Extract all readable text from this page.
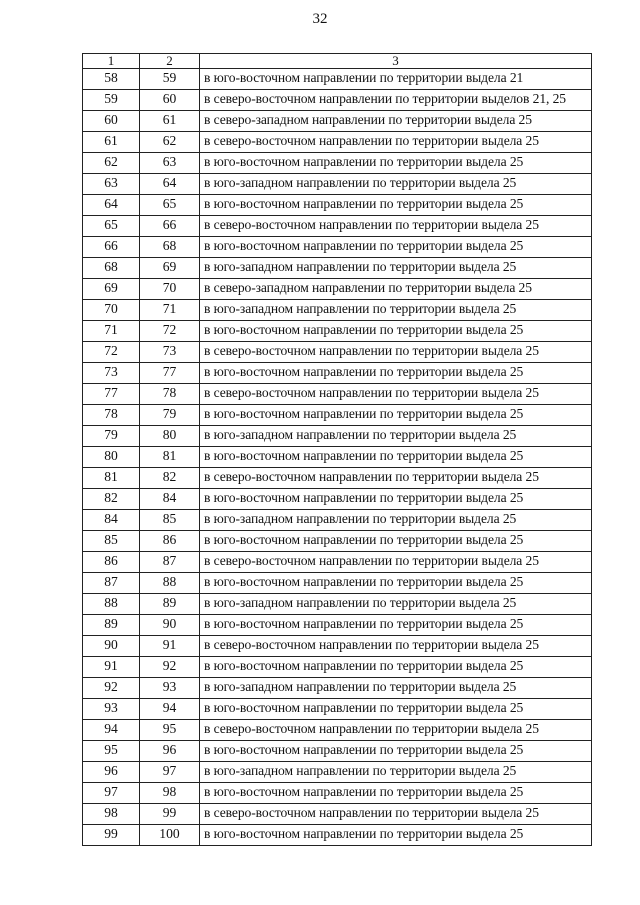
32
1	2	3
58	59	в юго-восточном направлении по территории выдела 21
59	60	в северо-восточном направлении по территории выделов 21, 25
60	61	в северо-западном направлении по территории выдела 25
61	62	в северо-восточном направлении по территории выдела 25
62	63	в юго-восточном направлении по территории выдела 25
63	64	в юго-западном направлении по территории выдела 25
64	65	в юго-восточном направлении по территории выдела 25
65	66	в северо-восточном направлении по территории выдела 25
66	68	в юго-восточном направлении по территории выдела 25
68	69	в юго-западном направлении по территории выдела 25
69	70	в северо-западном направлении по территории выдела 25
70	71	в юго-западном направлении по территории выдела 25
71	72	в юго-восточном направлении по территории выдела 25
72	73	в северо-восточном направлении по территории выдела 25
73	77	в юго-восточном направлении по территории выдела 25
77	78	в северо-восточном направлении по территории выдела 25
78	79	в юго-восточном направлении по территории выдела 25
79	80	в юго-западном направлении по территории выдела 25
80	81	в юго-восточном направлении по территории выдела 25
81	82	в северо-восточном направлении по территории выдела 25
82	84	в юго-восточном направлении по территории выдела 25
84	85	в юго-западном направлении по территории выдела 25
85	86	в юго-восточном направлении по территории выдела 25
86	87	в северо-восточном направлении по территории выдела 25
87	88	в юго-восточном направлении по территории выдела 25
88	89	в юго-западном направлении по территории выдела 25
89	90	в юго-восточном направлении по территории выдела 25
90	91	в северо-восточном направлении по территории выдела 25
91	92	в юго-восточном направлении по территории выдела 25
92	93	в юго-западном направлении по территории выдела 25
93	94	в юго-восточном направлении по территории выдела 25
94	95	в северо-восточном направлении по территории выдела 25
95	96	в юго-восточном направлении по территории выдела 25
96	97	в юго-западном направлении по территории выдела 25
97	98	в юго-восточном направлении по территории выдела 25
98	99	в северо-восточном направлении по территории выдела 25
99	100	в юго-восточном направлении по территории выдела 25
